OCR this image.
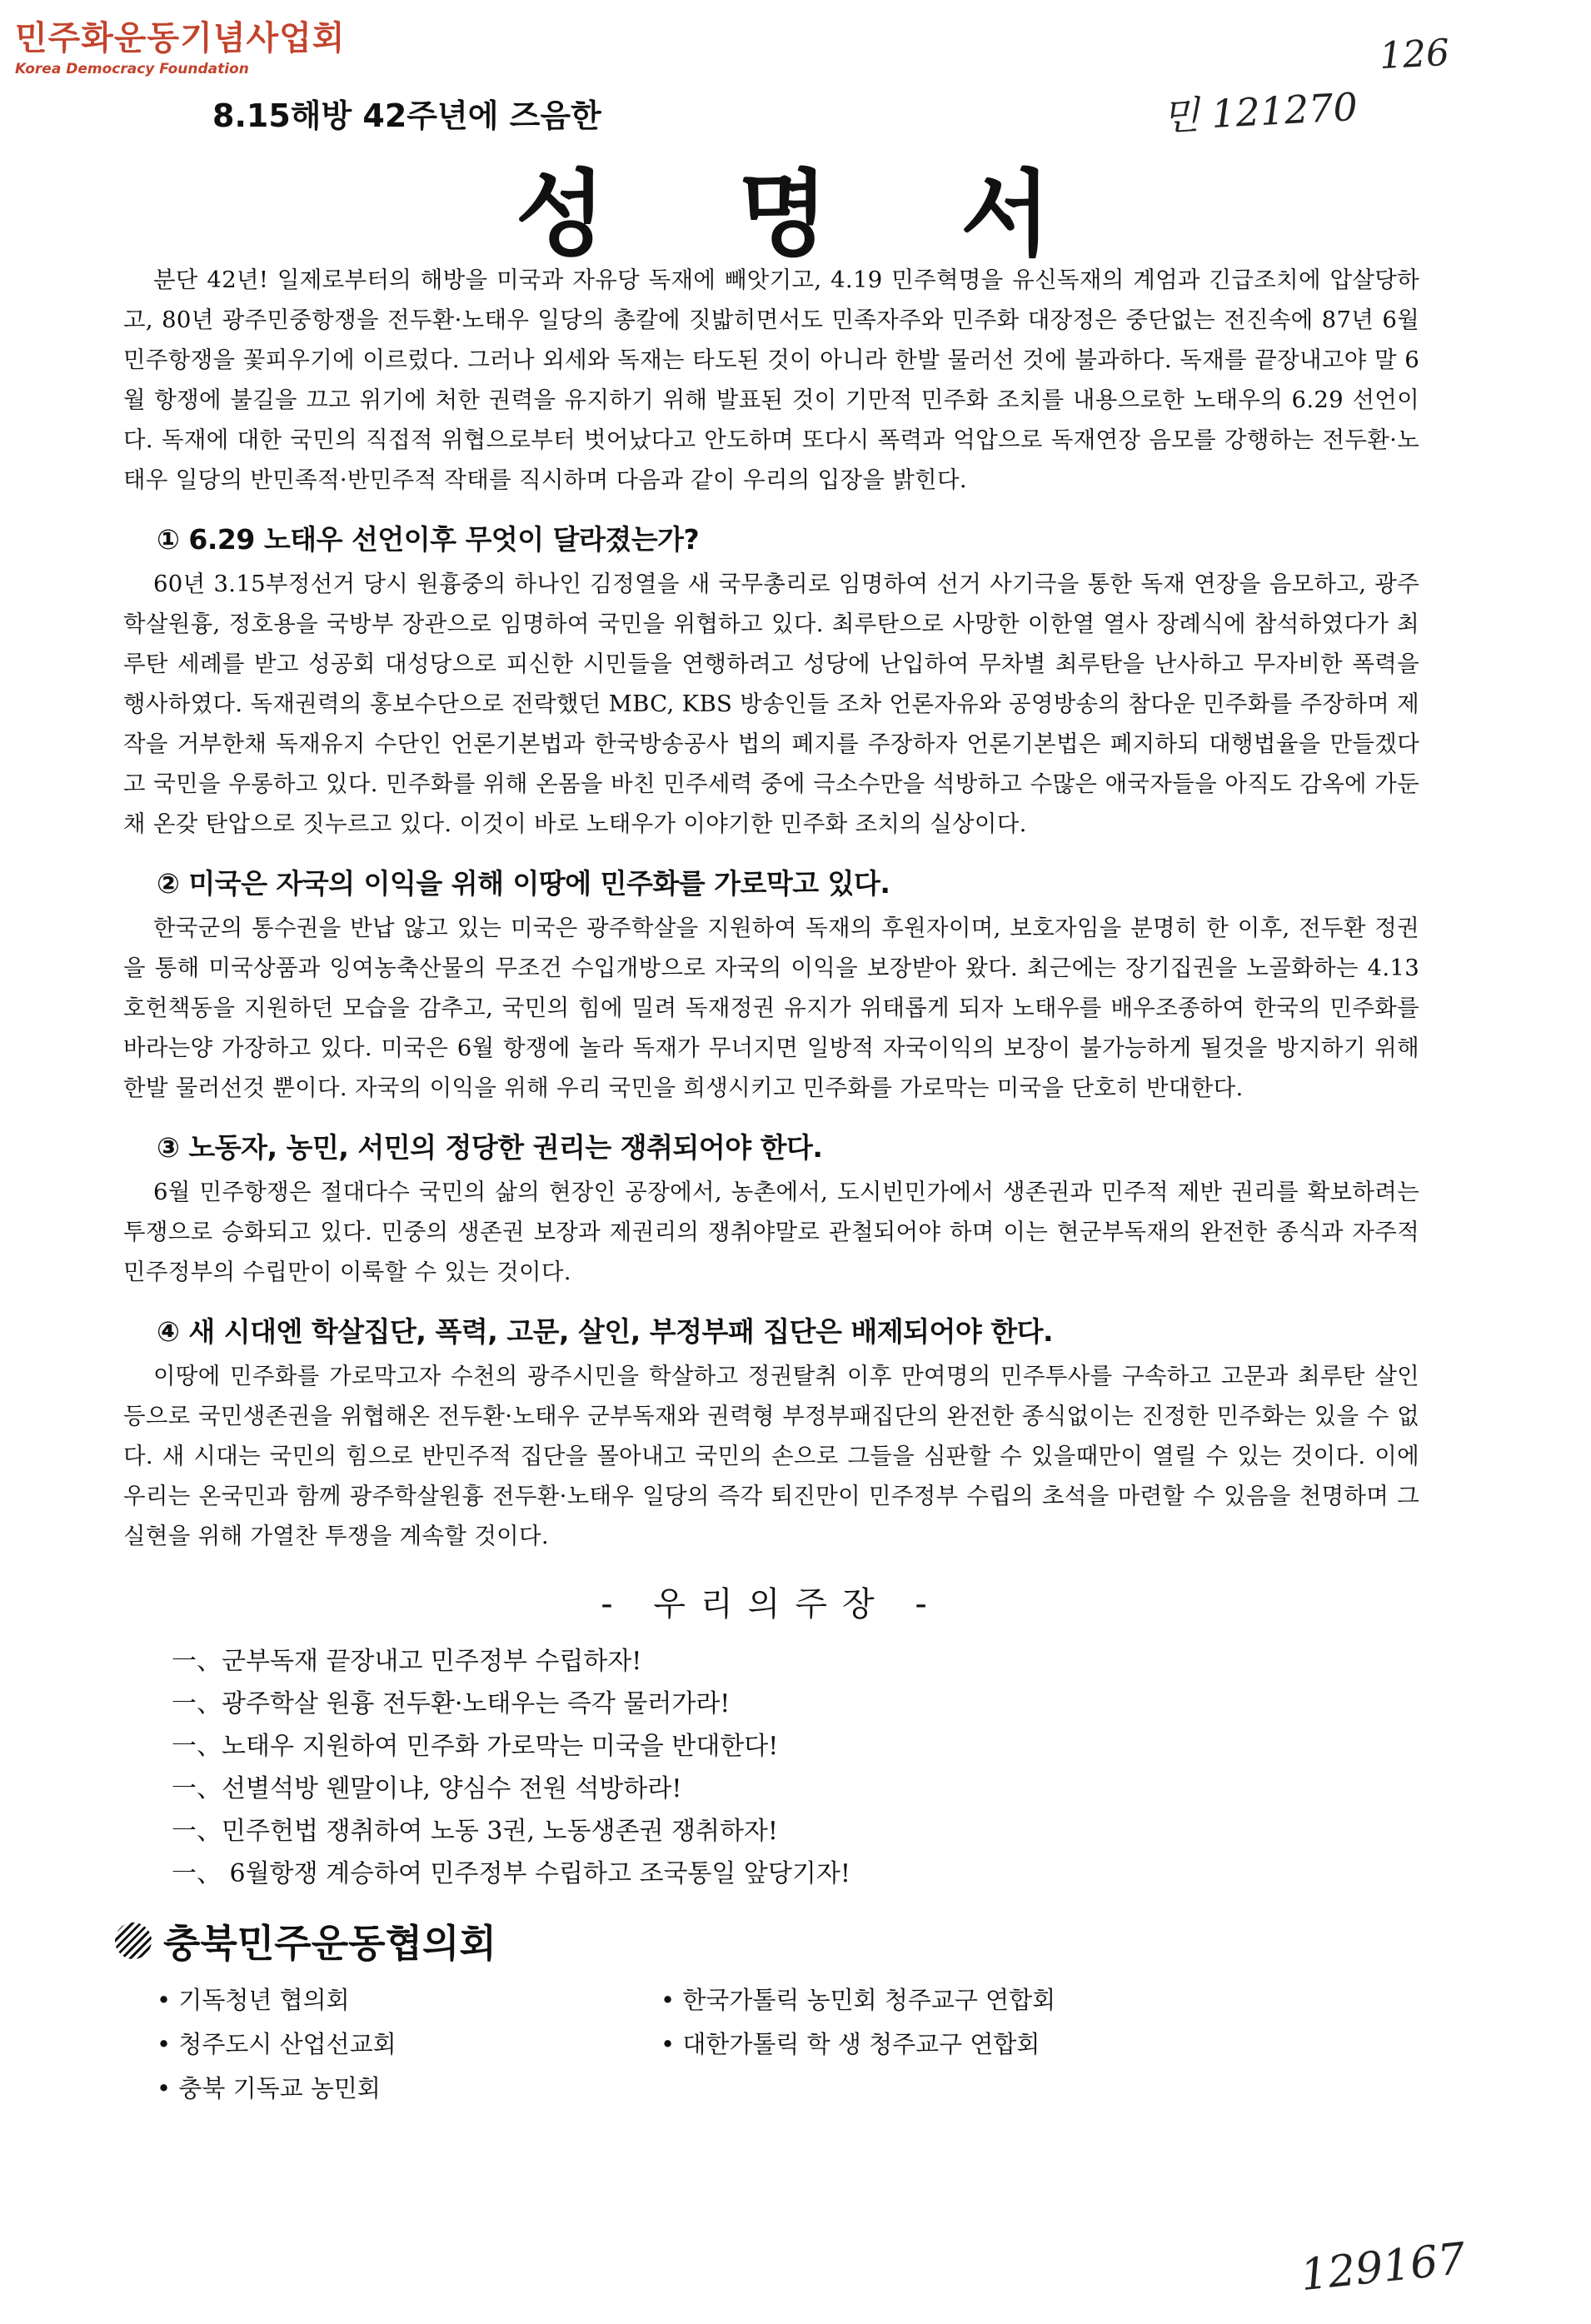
민주화운동기념사업회
Korea Democracy Foundation	126
민 121270
8.15해방 42주년에 즈음한
성 명 서

분단 42년! 일제로부터의 해방을 미국과 자유당 독재에 빼앗기고, 4.19 민주혁명을 유신독재의 계엄과 긴급조치에 압살당하고, 80년 광주민중항쟁을 전두환·노태우 일당의 총칼에 짓밟히면서도 민족자주와 민주화 대장정은 중단없는 전진속에 87년 6월 민주항쟁을 꽃피우기에 이르렀다. 그러나 외세와 독재는 타도된 것이 아니라 한발 물러선 것에 불과하다. 독재를 끝장내고야 말 6월 항쟁에 불길을 끄고 위기에 처한 권력을 유지하기 위해 발표된 것이 기만적 민주화 조치를 내용으로한 노태우의 6.29 선언이다. 독재에 대한 국민의 직접적 위협으로부터 벗어났다고 안도하며 또다시 폭력과 억압으로 독재연장 음모를 강행하는 전두환·노태우 일당의 반민족적·반민주적 작태를 직시하며 다음과 같이 우리의 입장을 밝힌다.

① 6.29 노태우 선언이후 무엇이 달라졌는가?

60년 3.15부정선거 당시 원흉중의 하나인 김정열을 새 국무총리로 임명하여 선거 사기극을 통한 독재 연장을 음모하고, 광주학살원흉, 정호용을 국방부 장관으로 임명하여 국민을 위협하고 있다. 최루탄으로 사망한 이한열 열사 장례식에 참석하였다가 최루탄 세례를 받고 성공회 대성당으로 피신한 시민들을 연행하려고 성당에 난입하여 무차별 최루탄을 난사하고 무자비한 폭력을 행사하였다. 독재권력의 홍보수단으로 전락했던 MBC, KBS 방송인들 조차 언론자유와 공영방송의 참다운 민주화를 주장하며 제작을 거부한채 독재유지 수단인 언론기본법과 한국방송공사 법의 폐지를 주장하자 언론기본법은 폐지하되 대행법율을 만들겠다고 국민을 우롱하고 있다. 민주화를 위해 온몸을 바친 민주세력 중에 극소수만을 석방하고 수많은 애국자들을 아직도 감옥에 가둔채 온갖 탄압으로 짓누르고 있다. 이것이 바로 노태우가 이야기한 민주화 조치의 실상이다.

② 미국은 자국의 이익을 위해 이땅에 민주화를 가로막고 있다.

한국군의 통수권을 반납 않고 있는 미국은 광주학살을 지원하여 독재의 후원자이며, 보호자임을 분명히 한 이후, 전두환 정권을 통해 미국상품과 잉여농축산물의 무조건 수입개방으로 자국의 이익을 보장받아 왔다. 최근에는 장기집권을 노골화하는 4.13호헌책동을 지원하던 모습을 감추고, 국민의 힘에 밀려 독재정권 유지가 위태롭게 되자 노태우를 배우조종하여 한국의 민주화를 바라는양 가장하고 있다. 미국은 6월 항쟁에 놀라 독재가 무너지면 일방적 자국이익의 보장이 불가능하게 될것을 방지하기 위해 한발 물러선것 뿐이다. 자국의 이익을 위해 우리 국민을 희생시키고 민주화를 가로막는 미국을 단호히 반대한다.

③ 노동자, 농민, 서민의 정당한 권리는 쟁취되어야 한다.

6월 민주항쟁은 절대다수 국민의 삶의 현장인 공장에서, 농촌에서, 도시빈민가에서 생존권과 민주적 제반 권리를 확보하려는 투쟁으로 승화되고 있다. 민중의 생존권 보장과 제권리의 쟁취야말로 관철되어야 하며 이는 현군부독재의 완전한 종식과 자주적 민주정부의 수립만이 이룩할 수 있는 것이다.

④ 새 시대엔 학살집단, 폭력, 고문, 살인, 부정부패 집단은 배제되어야 한다.

이땅에 민주화를 가로막고자 수천의 광주시민을 학살하고 정권탈취 이후 만여명의 민주투사를 구속하고 고문과 최루탄 살인 등으로 국민생존권을 위협해온 전두환·노태우 군부독재와 권력형 부정부패집단의 완전한 종식없이는 진정한 민주화는 있을 수 없다. 새 시대는 국민의 힘으로 반민주적 집단을 몰아내고 국민의 손으로 그들을 심판할 수 있을때만이 열릴 수 있는 것이다. 이에 우리는 온국민과 함께 광주학살원흉 전두환·노태우 일당의 즉각 퇴진만이 민주정부 수립의 초석을 마련할 수 있음을 천명하며 그 실현을 위해 가열찬 투쟁을 계속할 것이다.

- 우리의주장 -
一、군부독재 끝장내고 민주정부 수립하자!
一、광주학살 원흉 전두환·노태우는 즉각 물러가라!
一、노태우 지원하여 민주화 가로막는 미국을 반대한다!
一、선별석방 웬말이냐, 양심수 전원 석방하라!
一、민주헌법 쟁취하여 노동 3권, 노동생존권 쟁취하자!
一、 6월항쟁 계승하여 민주정부 수립하고 조국통일 앞당기자!
충북민주운동협의회
• 기독청년 협의회	• 한국가톨릭 농민회 청주교구 연합회
• 청주도시 산업선교회	• 대한가톨릭 학 생 청주교구 연합회
• 충북 기독교 농민회
129167
